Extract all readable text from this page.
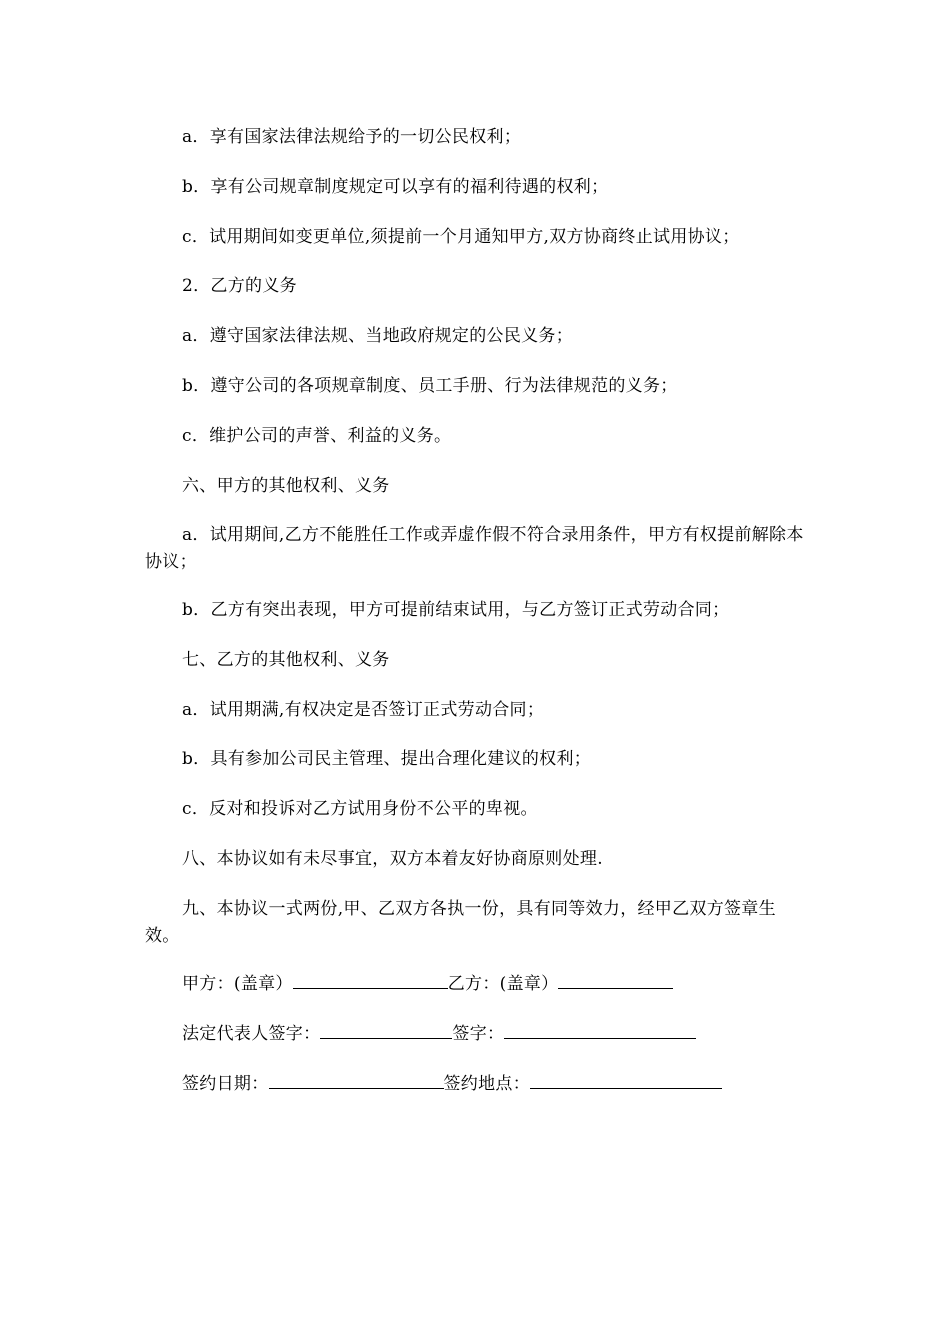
a．享有国家法律法规给予的一切公民权利；
b．享有公司规章制度规定可以享有的福利待遇的权利；
c．试用期间如变更单位,须提前一个月通知甲方,双方协商终止试用协议；
2．乙方的义务
a．遵守国家法律法规、当地政府规定的公民义务；
b．遵守公司的各项规章制度、员工手册、行为法律规范的义务；
c．维护公司的声誉、利益的义务。
六、甲方的其他权利、义务
a．试用期间,乙方不能胜任工作或弄虚作假不符合录用条件，甲方有权提前解除本协议；
b．乙方有突出表现，甲方可提前结束试用，与乙方签订正式劳动合同；
七、乙方的其他权利、义务
a．试用期满,有权决定是否签订正式劳动合同；
b．具有参加公司民主管理、提出合理化建议的权利；
c．反对和投诉对乙方试用身份不公平的卑视。
八、本协议如有未尽事宜，双方本着友好协商原则处理.
九、本协议一式两份,甲、乙双方各执一份，具有同等效力，经甲乙双方签章生效。
甲方：(盖章）	乙方：(盖章）
法定代表人签字：	签字：
签约日期：	签约地点：
